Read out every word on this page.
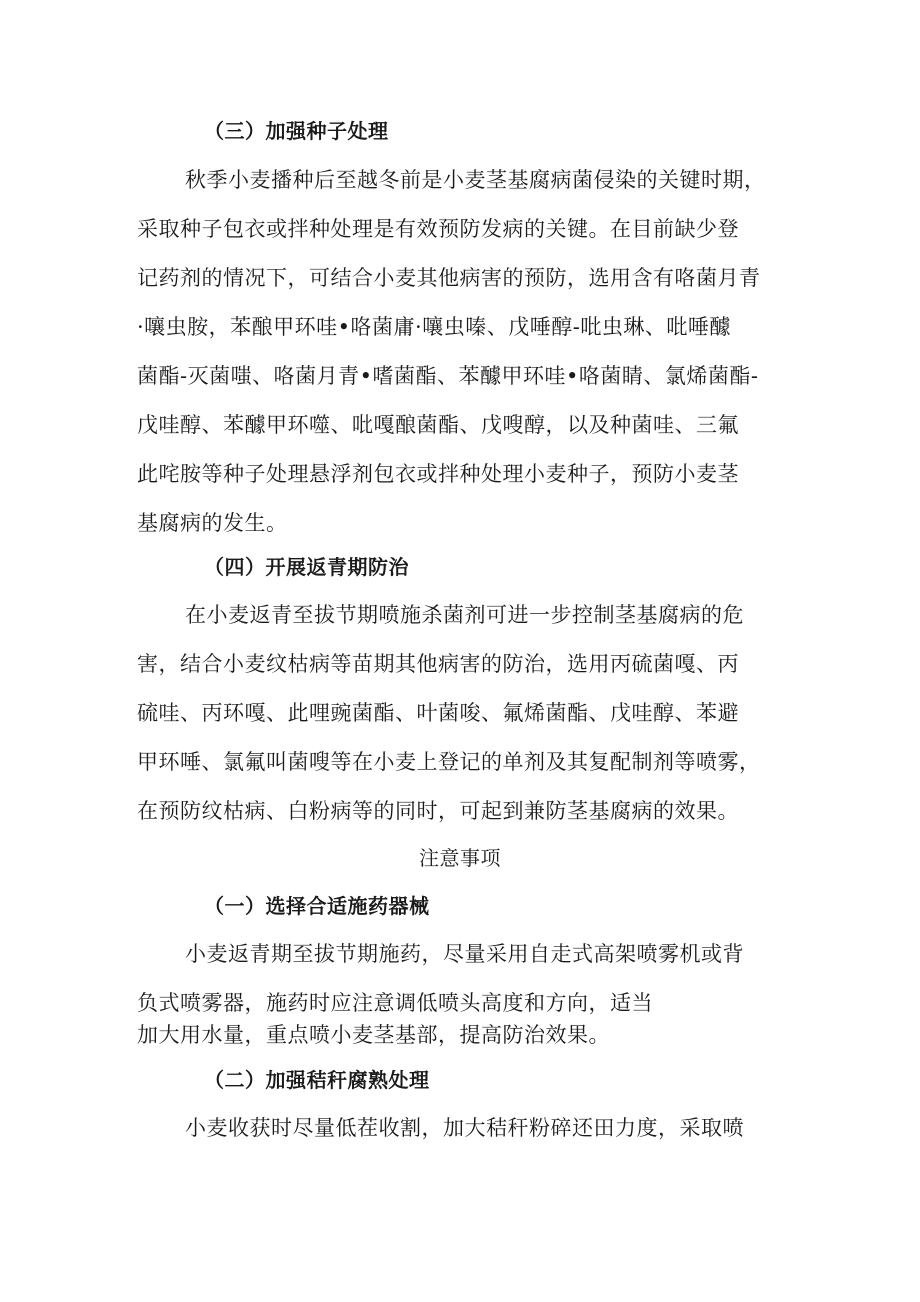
（三）加强种子处理
秋季小麦播种后至越冬前是小麦茎基腐病菌侵染的关键时期，
采取种子包衣或拌种处理是有效预防发病的关键。在目前缺少登
记药剂的情况下，可结合小麦其他病害的预防，选用含有咯菌月青
·嚷虫胺，苯酿甲环哇•咯菌庸·嚷虫嗪、戊唾醇-吡虫琳、吡唾醵
菌酯-灭菌嗤、咯菌月青•嗜菌酯、苯醵甲环哇•咯菌睛、氯烯菌酯-
戊哇醇、苯醵甲环噬、吡嘎酿菌酯、戊嗖醇，以及种菌哇、三氟
此咤胺等种子处理悬浮剂包衣或拌种处理小麦种子，预防小麦茎
基腐病的发生。
（四）开展返青期防治
在小麦返青至拔节期喷施杀菌剂可进一步控制茎基腐病的危
害，结合小麦纹枯病等苗期其他病害的防治，选用丙硫菌嘎、丙
硫哇、丙环嘎、此哩豌菌酯、叶菌唆、氟烯菌酯、戊哇醇、苯避
甲环唾、氯氟叫菌嗖等在小麦上登记的单剂及其复配制剂等喷雾，
在预防纹枯病、白粉病等的同时，可起到兼防茎基腐病的效果。
注意事项
（一）选择合适施药器械
小麦返青期至拔节期施药，尽量采用自走式高架喷雾机或背
负式喷雾器，施药时应注意调低喷头高度和方向，适当
加大用水量，重点喷小麦茎基部，提高防治效果。
（二）加强秸秆腐熟处理
小麦收获时尽量低茬收割，加大秸秆粉碎还田力度，采取喷
